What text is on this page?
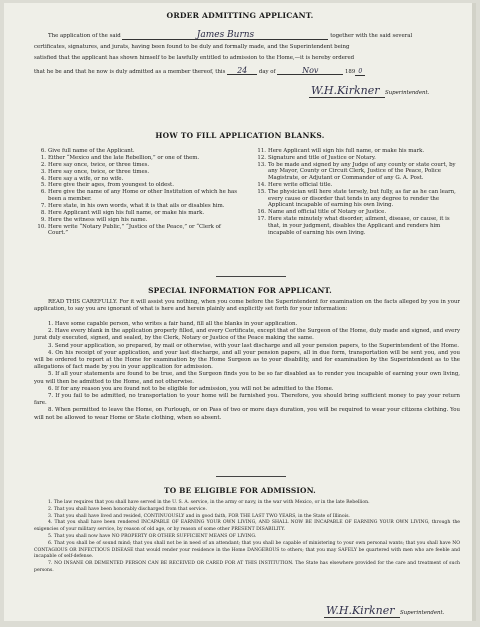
ORDER ADMITTING APPLICANT.
The application of the said	James Burns	together with the said several
certificates, signatures, and jurats, having been found to be duly and formally made, and the Superintendent being
satisfied that the applicant has shown himself to be lawfully entitled to admission to the Home,—it is hereby ordered
that he be and that he now is duly admitted as a member thereof, this 24 day of	Nov	189 0
W.H.Kirkner Superintendent.
HOW TO FILL APPLICATION BLANKS.
6. Give full name of the Applicant.
1. Either “Mexico and the late Rebellion,” or one of them.
2. Here say once, twice, or three times.
3. Here say once, twice, or three times.
4. Here say a wife, or no wife.
5. Here give their ages, from youngest to oldest.
6. Here give the name of any Home or other Institution of which he has been a member.
7. Here state, in his own words, what it is that ails or disables him.
8. Here Applicant will sign his full name, or make his mark.
9. Here the witness will sign his name.
10. Here write “Notary Public,” “Justice of the Peace,” or “Clerk of Court.”
11. Here Applicant will sign his full name, or make his mark.
12. Signature and title of Justice or Notary.
13. To be made and signed by any Judge of any county or state court, by any Mayor, County or Circuit Clerk, Justice of the Peace, Police Magistrate, or Adjutant or Commander of any G. A. Post.
14. Here write official title.
15. The physician will here state tersely, but fully, as far as he can learn, every cause or disorder that tends in any degree to render the Applicant incapable of earning his own living.
16. Name and official title of Notary or Justice.
17. Here state minutely what disorder, ailment, disease, or cause, it is that, in your judgment, disables the Applicant and renders him incapable of earning his own living.
SPECIAL INFORMATION FOR APPLICANT.
READ THIS CAREFULLY. For it will assist you nothing, when you come before the Superintendent for examination on the facts alleged by you in your application, to say you are ignorant of what is here and herein plainly and explicitly set forth for your information:
1. Have some capable person, who writes a fair hand, fill all the blanks in your application.
2. Have every blank in the application properly filled, and every Certificate, except that of the Surgeon of the Home, duly made and signed, and every jurat duly executed, signed, and sealed, by the Clerk, Notary or Justice of the Peace making the same.
3. Send your application, so prepared, by mail or otherwise, with your last discharge and all your pension papers, to the Superintendent of the Home.
4. On his receipt of your application, and your last discharge, and all your pension papers, all in due form, transportation will be sent you, and you will be ordered to report at the Home for examination by the Home Surgeon as to your disability, and for examination by the Superintendent as to the allegations of fact made by you in your application for admission.
5. If all your statements are found to be true, and the Surgeon finds you to be so far disabled as to render you incapable of earning your own living, you will then be admitted to the Home, and not otherwise.
6. If for any reason you are found not to be eligible for admission, you will not be admitted to the Home.
7. If you fail to be admitted, no transportation to your home will be furnished you. Therefore, you should bring sufficient money to pay your return fare.
8. When permitted to leave the Home, on Furlough, or on Pass of two or more days duration, you will be required to wear your citizens clothing. You will not be allowed to wear Home or State clothing, when so absent.
TO BE ELIGIBLE FOR ADMISSION.
1. The law requires that you shall have served in the U. S. A. service, in the army or navy, in the war with Mexico, or in the late Rebellion.
2. That you shall have been honorably discharged from that service.
3. That you shall have lived and resided, CONTINUOUSLY and in good faith, FOR THE LAST TWO YEARS, in the State of Illinois.
4. That you shall have been rendered INCAPABLE OF EARNING YOUR OWN LIVING, AND SHALL NOW BE INCAPABLE OF EARNING YOUR OWN LIVING, through the exigencies of your military service, by reason of old age, or by reason of some other PRESENT DISABILITY.
5. That you shall now have NO PROPERTY OR OTHER SUFFICIENT MEANS OF LIVING.
6. That you shall be of sound mind; that you shall not be in need of an attendant; that you shall be capable of ministering to your own personal wants; that you shall have NO CONTAGIOUS OR INFECTIOUS DISEASE that would render your residence in the Home DANGEROUS to others; that you may SAFELY be quartered with men who are feeble and incapable of self-defense.
7. NO INSANE OR DEMENTED PERSON CAN BE RECEIVED OR CARED FOR AT THIS INSTITUTION. The State has elsewhere provided for the care and treatment of such persons.
W.H.Kirkner Superintendent.
